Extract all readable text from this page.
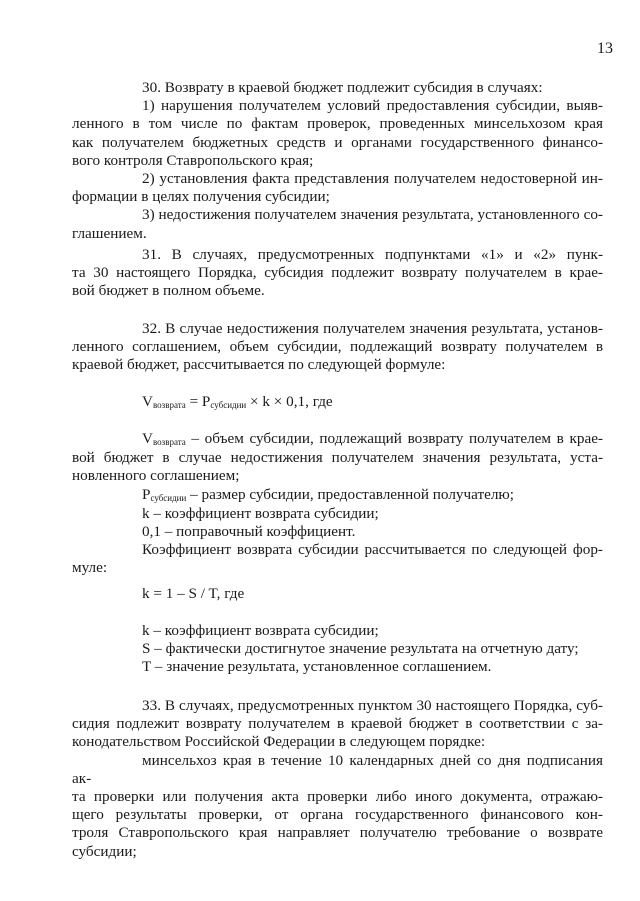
13

30. Возврату в краевой бюджет подлежит субсидия в случаях:

1) нарушения получателем условий предоставления субсидии, выяв-

ленного в том числе по фактам проверок, проведенных минсельхозом края

как получателем бюджетных средств и органами государственного финансо-

вого контроля Ставропольского края;

2) установления факта представления получателем недостоверной ин-

формации в целях получения субсидии;

3) недостижения получателем значения результата, установленного со-

глашением.

31. В случаях, предусмотренных подпунктами «1» и «2» пунк-

та 30 настоящего Порядка, субсидия подлежит возврату получателем в крае-

вой бюджет в полном объеме.

32. В случае недостижения получателем значения результата, установ-

ленного соглашением, объем субсидии, подлежащий возврату получателем в

краевой бюджет, рассчитывается по следующей формуле:

Vвозврата = Pсубсидии × k × 0,1, где

Vвозврата – объем субсидии, подлежащий возврату получателем в крае-

вой бюджет в случае недостижения получателем значения результата, уста-

новленного соглашением;

Pсубсидии – размер субсидии, предоставленной получателю;

k – коэффициент возврата субсидии;

0,1 – поправочный коэффициент.

Коэффициент возврата субсидии рассчитывается по следующей фор-

муле:

k = 1 – S / T, где

k – коэффициент возврата субсидии;

S – фактически достигнутое значение результата на отчетную дату;

T – значение результата, установленное соглашением.

33. В случаях, предусмотренных пунктом 30 настоящего Порядка, суб-

сидия подлежит возврату получателем в краевой бюджет в соответствии с за-

конодательством Российской Федерации в следующем порядке:

минсельхоз края в течение 10 календарных дней со дня подписания ак-

та проверки или получения акта проверки либо иного документа, отражаю-

щего результаты проверки, от органа государственного финансового кон-

троля Ставропольского края направляет получателю требование о возврате

субсидии;
